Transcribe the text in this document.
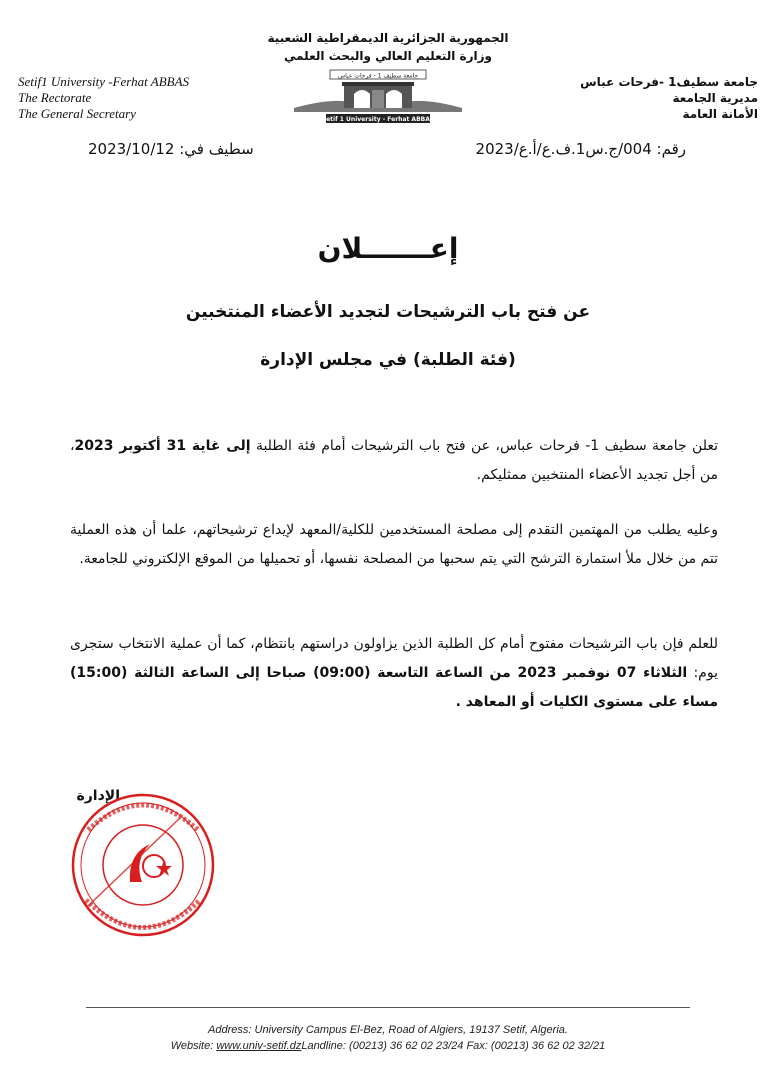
الجمهورية الجزائرية الديمقراطية الشعبية
وزارة التعليم العالي والبحث العلمي
Setif1 University -Ferhat ABBAS
The Rectorate
The General Secretary
جامعة سطيف1 -فرحات عباس
مديرية الجامعة
الأمانة العامة
جامعة سطيف 1 - فرحات عباس
Setif 1 University - Ferhat ABBAS
رقم: 004/ج.س1.ف.ع/أ.ع/2023
سطيف في: 2023/10/12
إعـــــــلان
عن فتح باب الترشيحات لتجديد الأعضاء المنتخبين
(فئة الطلبة) في مجلس الإدارة
تعلن جامعة سطيف 1- فرحات عباس، عن فتح باب الترشيحات أمام فئة الطلبة إلى غاية 31 أكتوبر 2023، من أجل تجديد الأعضاء المنتخبين ممثليكم.
وعليه يطلب من المهتمين التقدم إلى مصلحة المستخدمين للكلية/المعهد لإيداع ترشيحاتهم، علما أن هذه العملية تتم من خلال ملأ استمارة الترشح التي يتم سحبها من المصلحة نفسها، أو تحميلها من الموقع الإلكتروني للجامعة.
للعلم فإن باب الترشيحات مفتوح أمام كل الطلبة الذين يزاولون دراستهم بانتظام، كما أن عملية الانتخاب ستجرى يوم: الثلاثاء 07 نوفمبر 2023 من الساعة التاسعة (09:00) صباحا إلى الساعة الثالثة (15:00) مساء على مستوى الكليات أو المعاهد .
الإدارة
Address: University Campus El-Bez, Road of Algiers, 19137 Setif, Algeria.
Website: www.univ-setif.dzLandline: (00213) 36 62 02 23/24 Fax: (00213) 36 62 02 32/21
